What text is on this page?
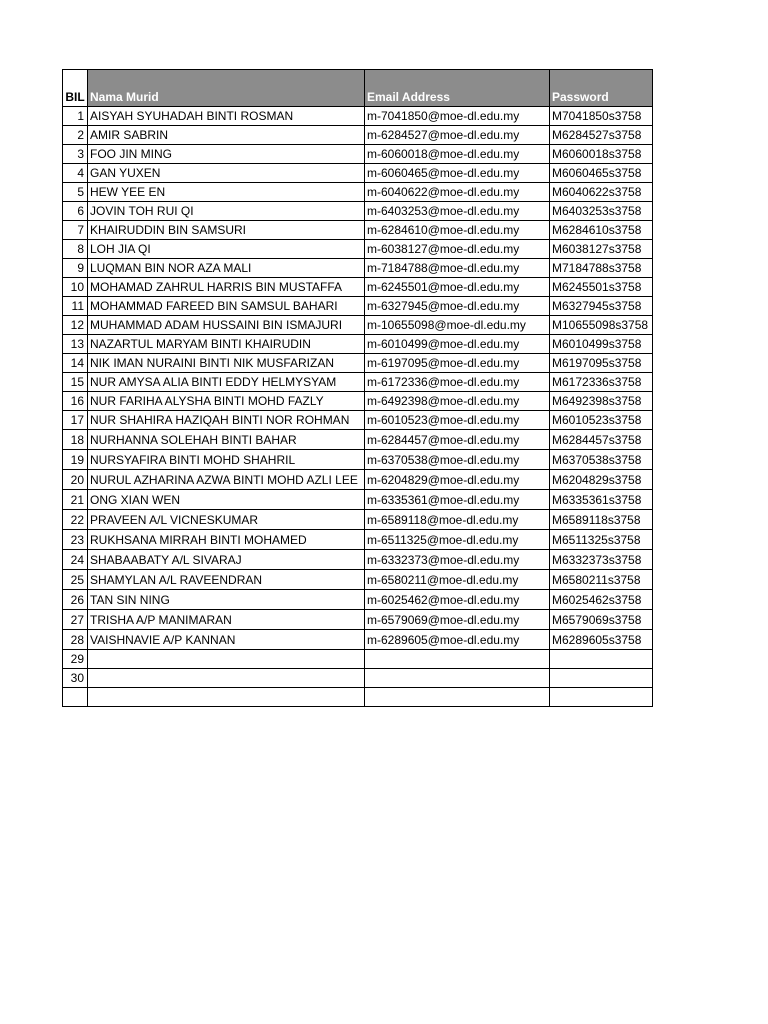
BIL	Nama Murid	Email Address	Password
1	AISYAH SYUHADAH BINTI ROSMAN	m-7041850@moe-dl.edu.my	M7041850s3758
2	AMIR SABRIN	m-6284527@moe-dl.edu.my	M6284527s3758
3	FOO JIN MING	m-6060018@moe-dl.edu.my	M6060018s3758
4	GAN YUXEN	m-6060465@moe-dl.edu.my	M6060465s3758
5	HEW YEE EN	m-6040622@moe-dl.edu.my	M6040622s3758
6	JOVIN TOH RUI QI	m-6403253@moe-dl.edu.my	M6403253s3758
7	KHAIRUDDIN BIN SAMSURI	m-6284610@moe-dl.edu.my	M6284610s3758
8	LOH JIA QI	m-6038127@moe-dl.edu.my	M6038127s3758
9	LUQMAN BIN NOR AZA MALI	m-7184788@moe-dl.edu.my	M7184788s3758
10	MOHAMAD ZAHRUL HARRIS BIN MUSTAFFA	m-6245501@moe-dl.edu.my	M6245501s3758
11	MOHAMMAD FAREED BIN SAMSUL BAHARI	m-6327945@moe-dl.edu.my	M6327945s3758
12	MUHAMMAD ADAM HUSSAINI BIN ISMAJURI	m-10655098@moe-dl.edu.my	M10655098s3758
13	NAZARTUL MARYAM BINTI KHAIRUDIN	m-6010499@moe-dl.edu.my	M6010499s3758
14	NIK IMAN NURAINI BINTI NIK MUSFARIZAN	m-6197095@moe-dl.edu.my	M6197095s3758
15	NUR AMYSA ALIA BINTI EDDY HELMYSYAM	m-6172336@moe-dl.edu.my	M6172336s3758
16	NUR FARIHA ALYSHA BINTI MOHD FAZLY	m-6492398@moe-dl.edu.my	M6492398s3758
17	NUR SHAHIRA HAZIQAH BINTI NOR ROHMAN	m-6010523@moe-dl.edu.my	M6010523s3758
18	NURHANNA SOLEHAH BINTI BAHAR	m-6284457@moe-dl.edu.my	M6284457s3758
19	NURSYAFIRA BINTI MOHD SHAHRIL	m-6370538@moe-dl.edu.my	M6370538s3758
20	NURUL AZHARINA AZWA BINTI MOHD AZLI LEE	m-6204829@moe-dl.edu.my	M6204829s3758
21	ONG XIAN WEN	m-6335361@moe-dl.edu.my	M6335361s3758
22	PRAVEEN A/L VICNESKUMAR	m-6589118@moe-dl.edu.my	M6589118s3758
23	RUKHSANA MIRRAH BINTI MOHAMED	m-6511325@moe-dl.edu.my	M6511325s3758
24	SHABAABATY A/L SIVARAJ	m-6332373@moe-dl.edu.my	M6332373s3758
25	SHAMYLAN A/L RAVEENDRAN	m-6580211@moe-dl.edu.my	M6580211s3758
26	TAN SIN NING	m-6025462@moe-dl.edu.my	M6025462s3758
27	TRISHA A/P MANIMARAN	m-6579069@moe-dl.edu.my	M6579069s3758
28	VAISHNAVIE A/P KANNAN	m-6289605@moe-dl.edu.my	M6289605s3758
29			
30			
